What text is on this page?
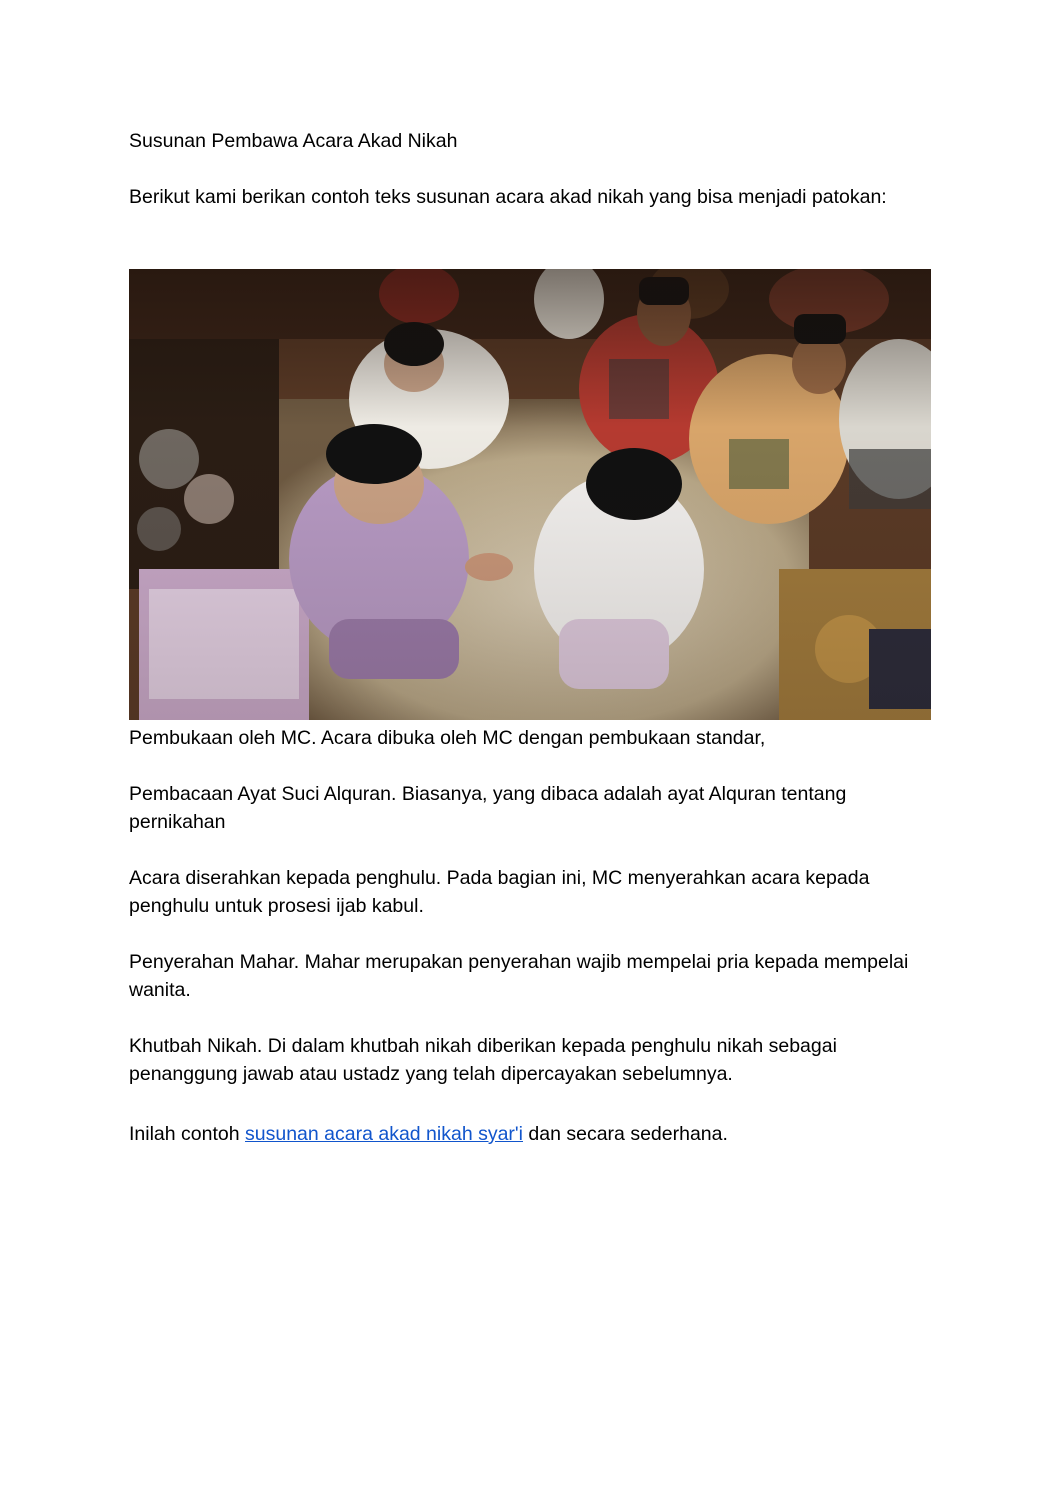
Susunan Pembawa Acara Akad Nikah

Berikut kami berikan contoh teks susunan acara akad nikah yang bisa menjadi patokan:

Pembukaan oleh MC. Acara dibuka oleh MC dengan pembukaan standar,

Pembacaan Ayat Suci Alquran. Biasanya, yang dibaca adalah ayat Alquran tentang pernikahan

Acara diserahkan kepada penghulu. Pada bagian ini, MC menyerahkan acara kepada penghulu untuk prosesi ijab kabul.

Penyerahan Mahar. Mahar merupakan penyerahan wajib mempelai pria kepada mempelai wanita.

Khutbah Nikah. Di dalam khutbah nikah diberikan kepada penghulu nikah sebagai penanggung jawab atau ustadz yang telah dipercayakan sebelumnya.

Inilah contoh susunan acara akad nikah syar'i dan secara sederhana.
